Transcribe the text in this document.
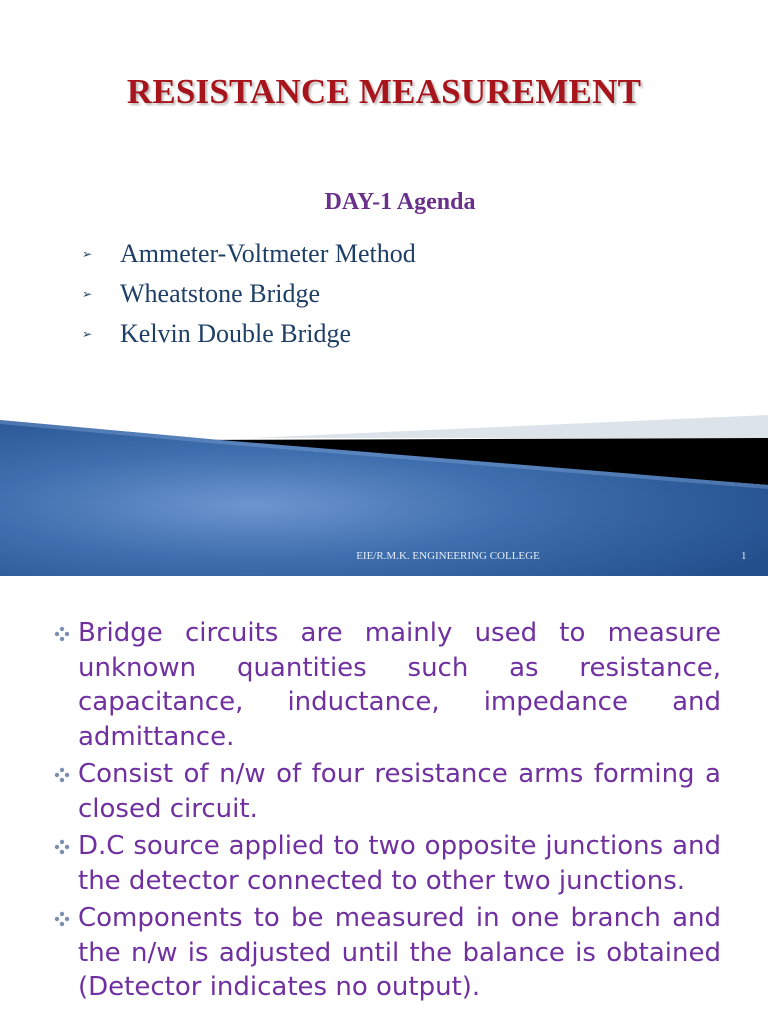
RESISTANCE MEASUREMENT
DAY-1 Agenda
➢	Ammeter-Voltmeter Method
➢	Wheatstone Bridge
➢	Kelvin Double Bridge
EIE/R.M.K. ENGINEERING COLLEGE	1
Bridge circuits are mainly used to measure unknown quantities such as resistance, capacitance, inductance, impedance and admittance.
Consist of n/w of four resistance arms forming a closed circuit.
D.C source applied to two opposite junctions and the detector connected to other two junctions.
Components to be measured in one branch and the n/w is adjusted until the balance is obtained (Detector indicates no output).
